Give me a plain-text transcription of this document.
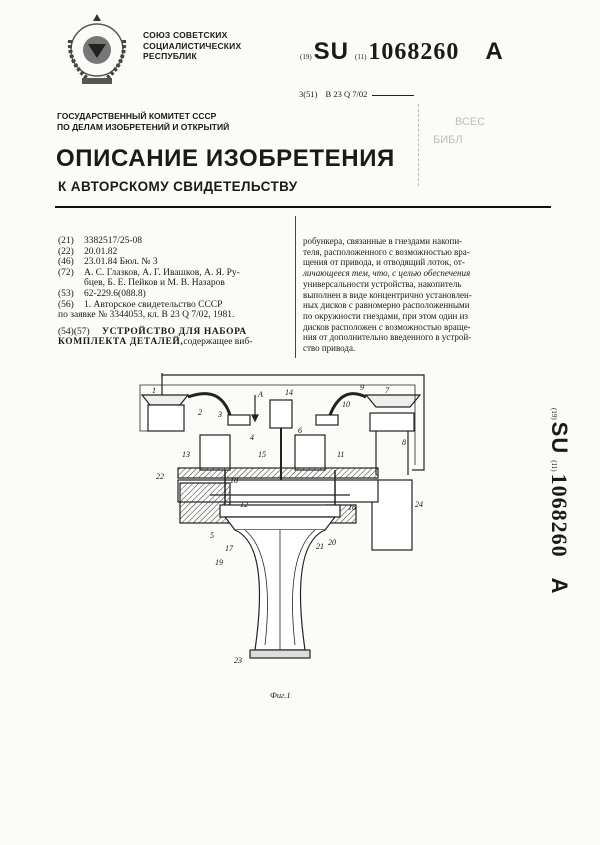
СОЮЗ СОВЕТСКИХ
СОЦИАЛИСТИЧЕСКИХ
РЕСПУБЛИК	(19) SU (11) 1068260 A
3(51) B 23 Q 7/02
ГОСУДАРСТВЕННЫЙ КОМИТЕТ СССР
ПО ДЕЛАМ ИЗОБРЕТЕНИЙ И ОТКРЫТИЙ	ВСЕС
БИБЛ
ОПИСАНИЕ ИЗОБРЕТЕНИЯ
К АВТОРСКОМУ СВИДЕТЕЛЬСТВУ
(21)	3382517/25-08
(22)	20.01.82
(46)	23.01.84 Бюл. № 3
(72)	А. С. Глазков, А. Г. Ивашков, А. Я. Ру-
бцев, Б. Е. Пейков и М. В. Назаров
(53)	62-229.6(088.8)
(56)	1. Авторское свидетельство СССР
по заявке № 3344053, кл. В 23 Q 7/02, 1981.
(54)(57)	УСТРОЙСТВО ДЛЯ НАБОРА
КОМПЛЕКТА ДЕТАЛЕЙ, содержащее виб-
робункера, связанные в гнездами накопи-
теля, расположенного с возможностью вра-
щения от привода, и отводящий лоток, от-
личающееся тем, что, с целью обеспечения
универсальности устройства, накопитель
выполнен в виде концентрично установлен-
ных дисков с равномерно расположенными
по окружности гнездами, при этом один из
дисков расположен с возможностью враще-
ния от дополнительно введенного в устрой-
ство привода.
1
2 3
А
4
5
6
7
8
9
10
11
12
13
14
15
16
17
18
19
20
21
22
23
24
Фиг.1
(19)
SU
(11)
1068260
A
